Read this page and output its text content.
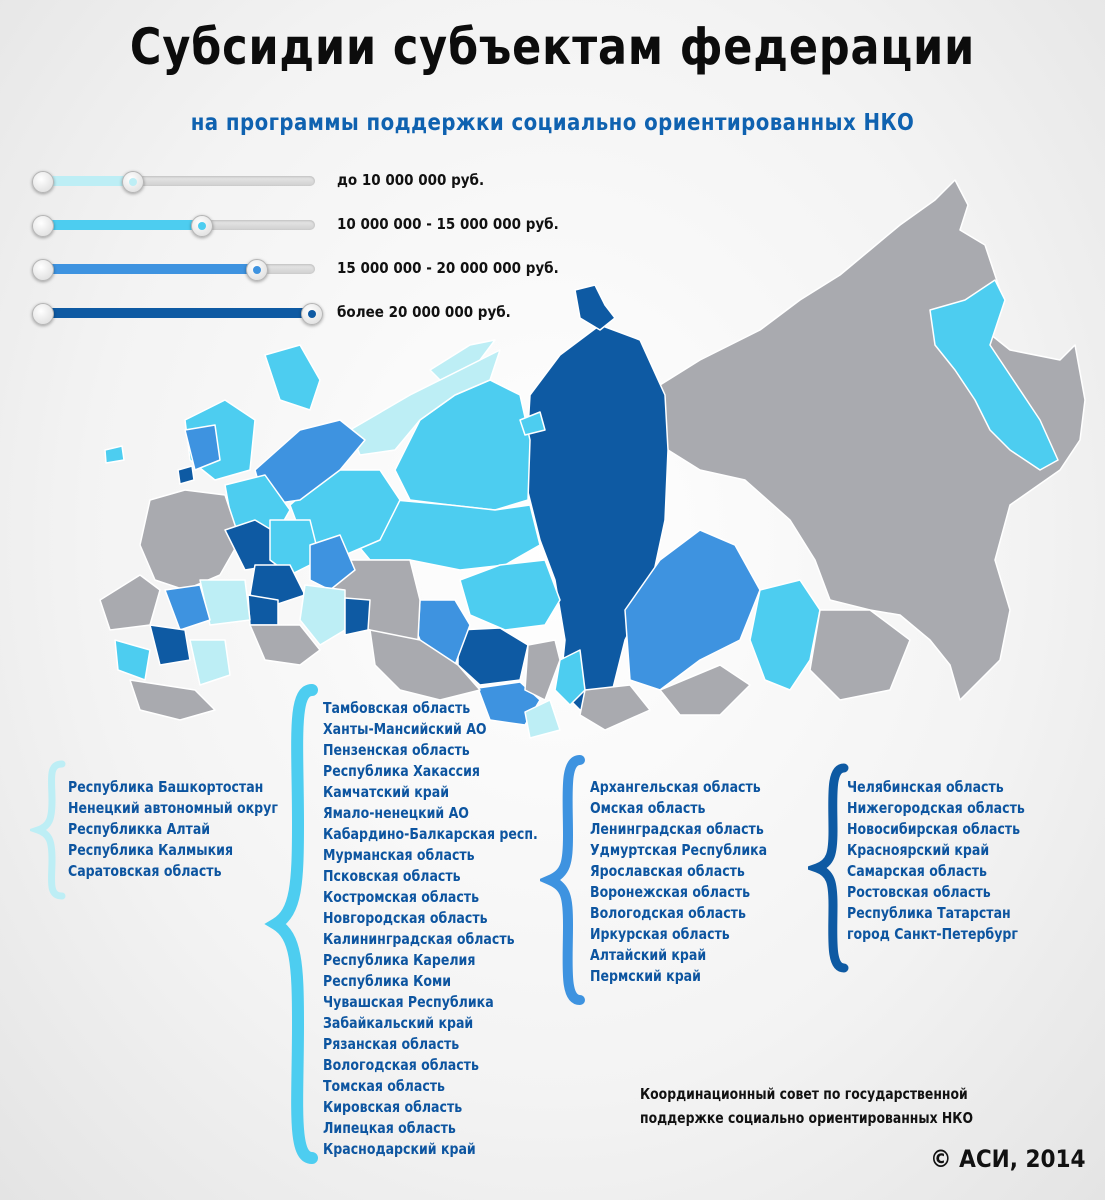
Субсидии субъектам федерации
на программы поддержки социально ориентированных НКО
до 10 000 000 руб.
10 000 000 - 15 000 000 руб.
15 000 000 - 20 000 000 руб.
более 20 000 000 руб.
Республика Башкортостан
Ненецкий автономный округ
Республикка Алтай
Республика Калмыкия
Саратовская область
Тамбовская область
Ханты-Мансийский АО
Пензенская область
Республика Хакассия
Камчатский край
Ямало-ненецкий АО
Кабардино-Балкарская респ.
Мурманская область
Псковская область
Костромская область
Новгородская область
Калининградская область
Республика Карелия
Республика Коми
Чувашская Республика
Забайкальский край
Рязанская область
Вологодская область
Томская область
Кировская область
Липецкая область
Краснодарский край
Архангельская область
Омская область
Ленинградская область
Удмуртская Республика
Ярославская область
Воронежская область
Вологодская область
Иркурская область
Алтайский край
Пермский край
Челябинская область
Нижегородская область
Новосибирская область
Красноярский край
Самарская область
Ростовская область
Республика Татарстан
город Санкт-Петербург
Координационный совет по государственной поддержке социально ориентированных НКО
© АСИ, 2014
